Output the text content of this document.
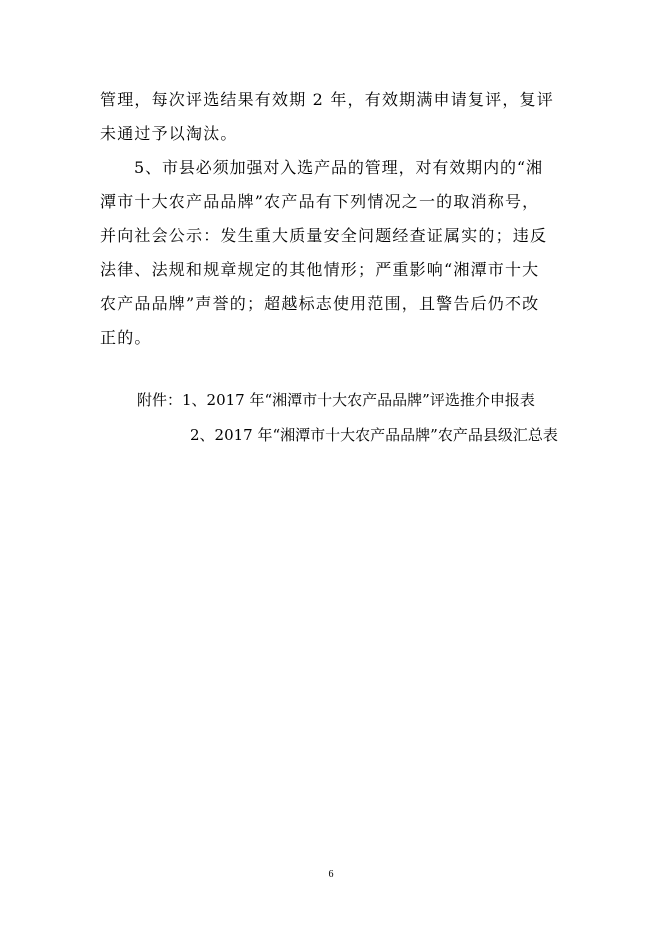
管理，每次评选结果有效期 2 年，有效期满申请复评，复评
未通过予以淘汰。
5、市县必须加强对入选产品的管理，对有效期内的“湘
潭市十大农产品品牌”农产品有下列情况之一的取消称号，
并向社会公示：发生重大质量安全问题经查证属实的；违反
法律、法规和规章规定的其他情形；严重影响“湘潭市十大
农产品品牌”声誉的；超越标志使用范围，且警告后仍不改
正的。
附件：1、2017 年“湘潭市十大农产品品牌”评选推介申报表
2、2017 年“湘潭市十大农产品品牌”农产品县级汇总表
6
